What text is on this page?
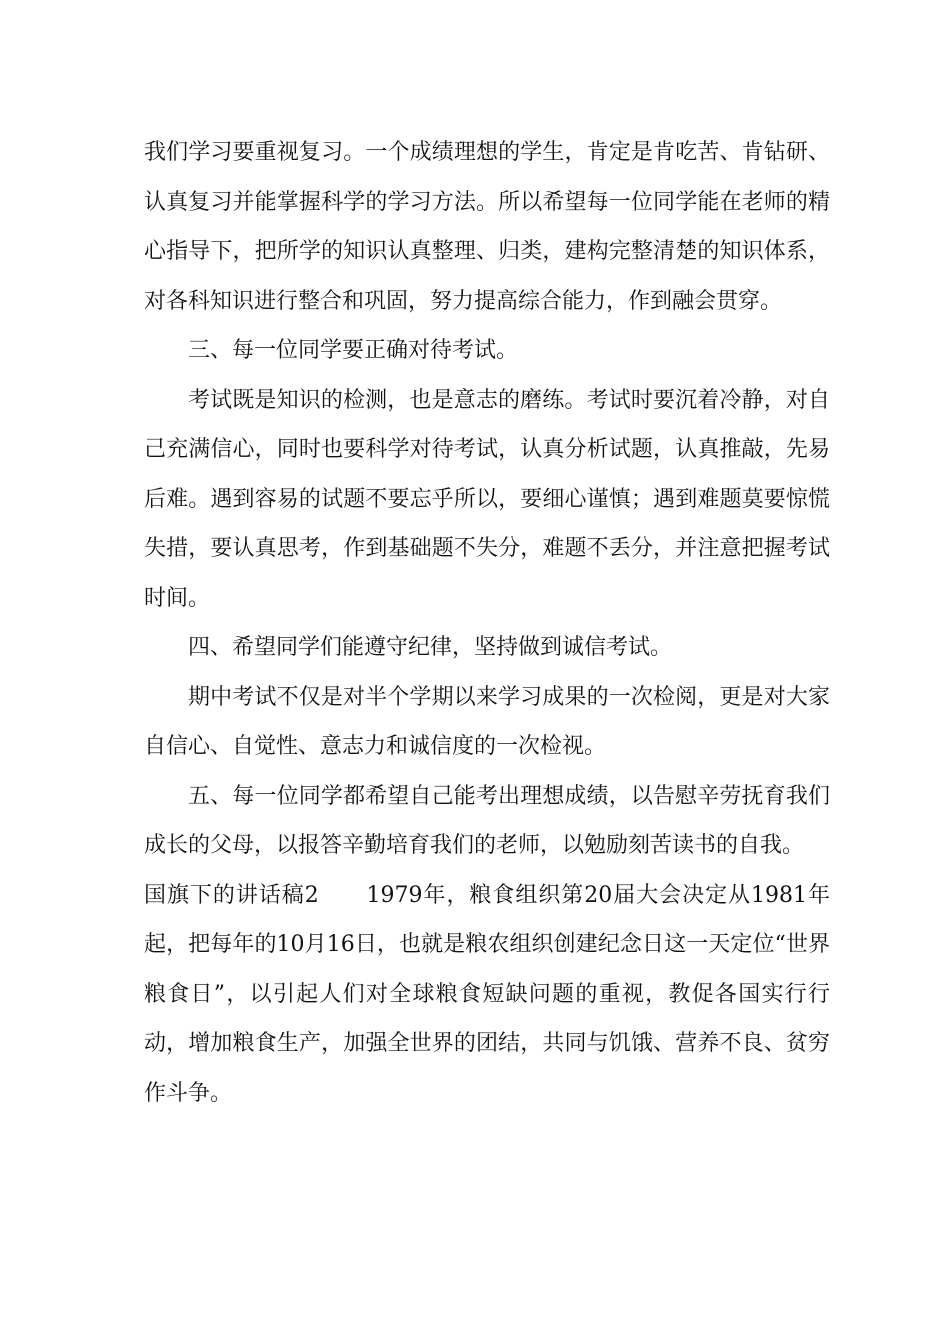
我们学习要重视复习。一个成绩理想的学生，肯定是肯吃苦、肯钻研、认真复习并能掌握科学的学习方法。所以希望每一位同学能在老师的精心指导下，把所学的知识认真整理、归类，建构完整清楚的知识体系，对各科知识进行整合和巩固，努力提高综合能力，作到融会贯穿。

三、每一位同学要正确对待考试。

考试既是知识的检测，也是意志的磨练。考试时要沉着冷静，对自己充满信心，同时也要科学对待考试，认真分析试题，认真推敲，先易后难。遇到容易的试题不要忘乎所以，要细心谨慎；遇到难题莫要惊慌失措，要认真思考，作到基础题不失分，难题不丢分，并注意把握考试时间。

四、希望同学们能遵守纪律，坚持做到诚信考试。

期中考试不仅是对半个学期以来学习成果的一次检阅，更是对大家自信心、自觉性、意志力和诚信度的一次检视。

五、每一位同学都希望自己能考出理想成绩，以告慰辛劳抚育我们成长的父母，以报答辛勤培育我们的老师，以勉励刻苦读书的自我。

国旗下的讲话稿2 1979年，粮食组织第20届大会决定从1981年起，把每年的10月16日，也就是粮农组织创建纪念日这一天定位“世界粮食日”，以引起人们对全球粮食短缺问题的重视，教促各国实行行动，增加粮食生产，加强全世界的团结，共同与饥饿、营养不良、贫穷作斗争。
